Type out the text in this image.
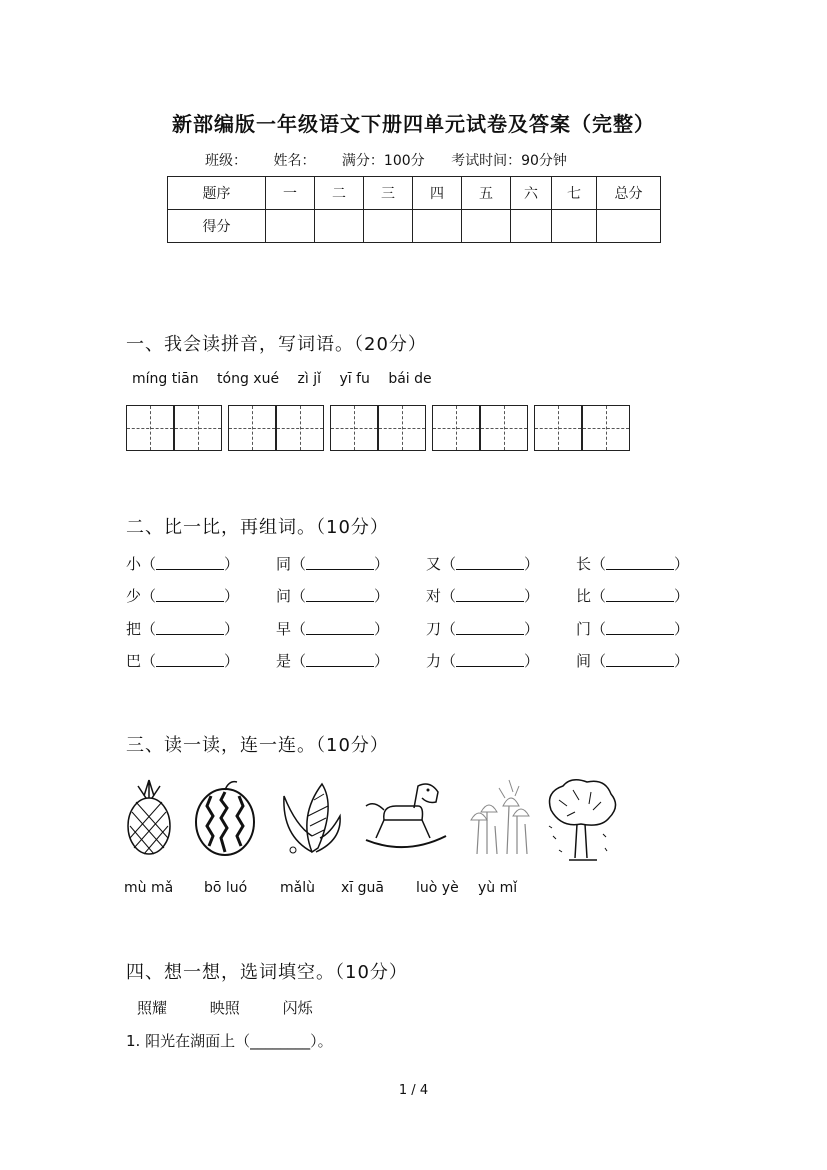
新部编版一年级语文下册四单元试卷及答案（完整）
班级： 姓名： 满分：100分 考试时间：90分钟
题序	一	二	三	四	五	六	七	总分
得分								
一、我会读拼音，写词语。（20分）
míng tiān tóng xué zì jǐ yī fu bái de
二、比一比，再组词。（10分）
小（	） 同（	） 又（	） 长（	）
少（	） 问（	） 对（	） 比（	）
把（	） 早（	） 刀（	） 门（	）
巴（	） 是（	） 力（	） 间（	）
三、读一读，连一连。（10分）
mù mǎ bō luó mǎlù xī guā luò yè yù mǐ
四、想一想，选词填空。（10分）
照耀	映照	闪烁
1. 阳光在湖面上（________）。
1 / 4
